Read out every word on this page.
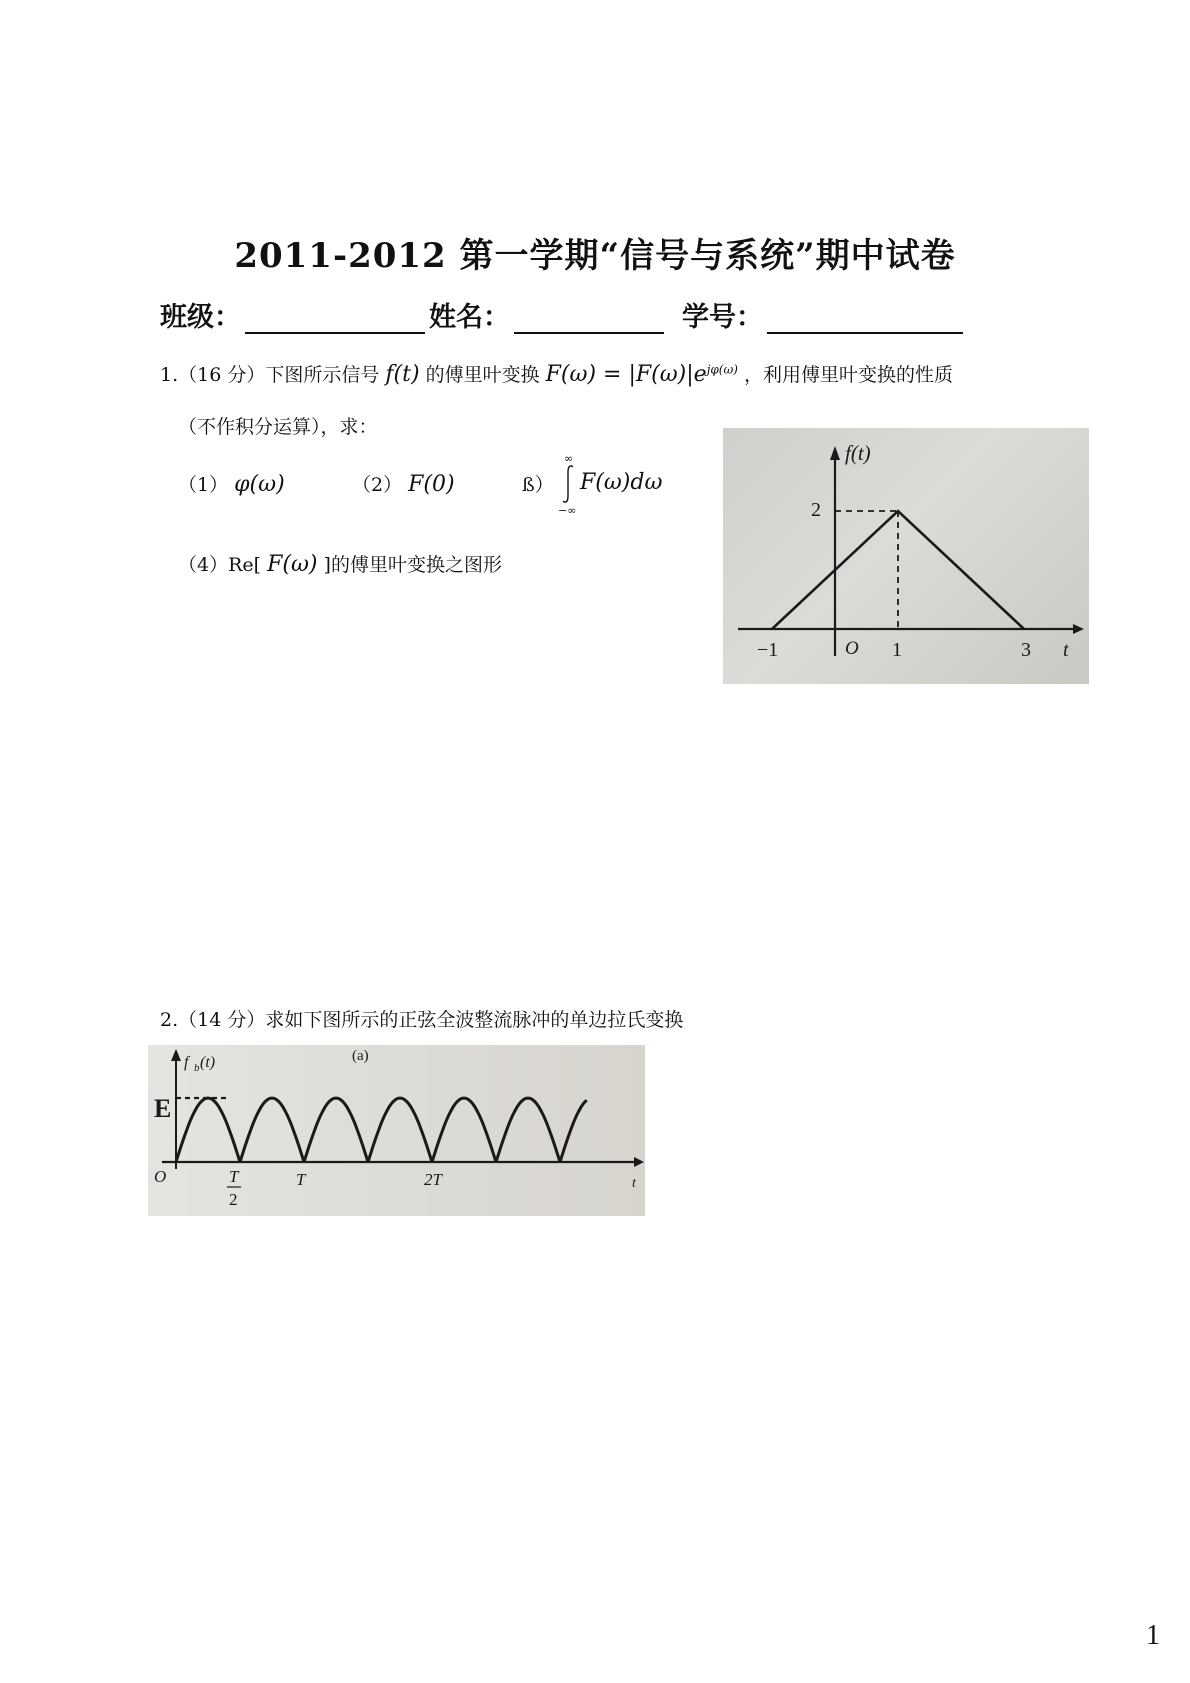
2011-2012 第一学期“信号与系统”期中试卷
班级：	姓名：	学号：
1.（16 分）下图所示信号 f(t) 的傅里叶变换 $F(\omega) = |F(\omega)|e^{j\varphi(\omega)}$ ，利用傅里叶变换的性质
（不作积分运算），求：
（1） φ(ω)	（2） F(0)	ß）
∞
−∞
F(ω)dω
（4）Re[ F(ω) ]的傅里叶变换之图形
f(t)
t
O
2
−1	1	3
2.（14 分）求如下图所示的正弦全波整流脉冲的单边拉氏变换
f b (t)	(a)
E
O	t
T
2
T	2T
1
